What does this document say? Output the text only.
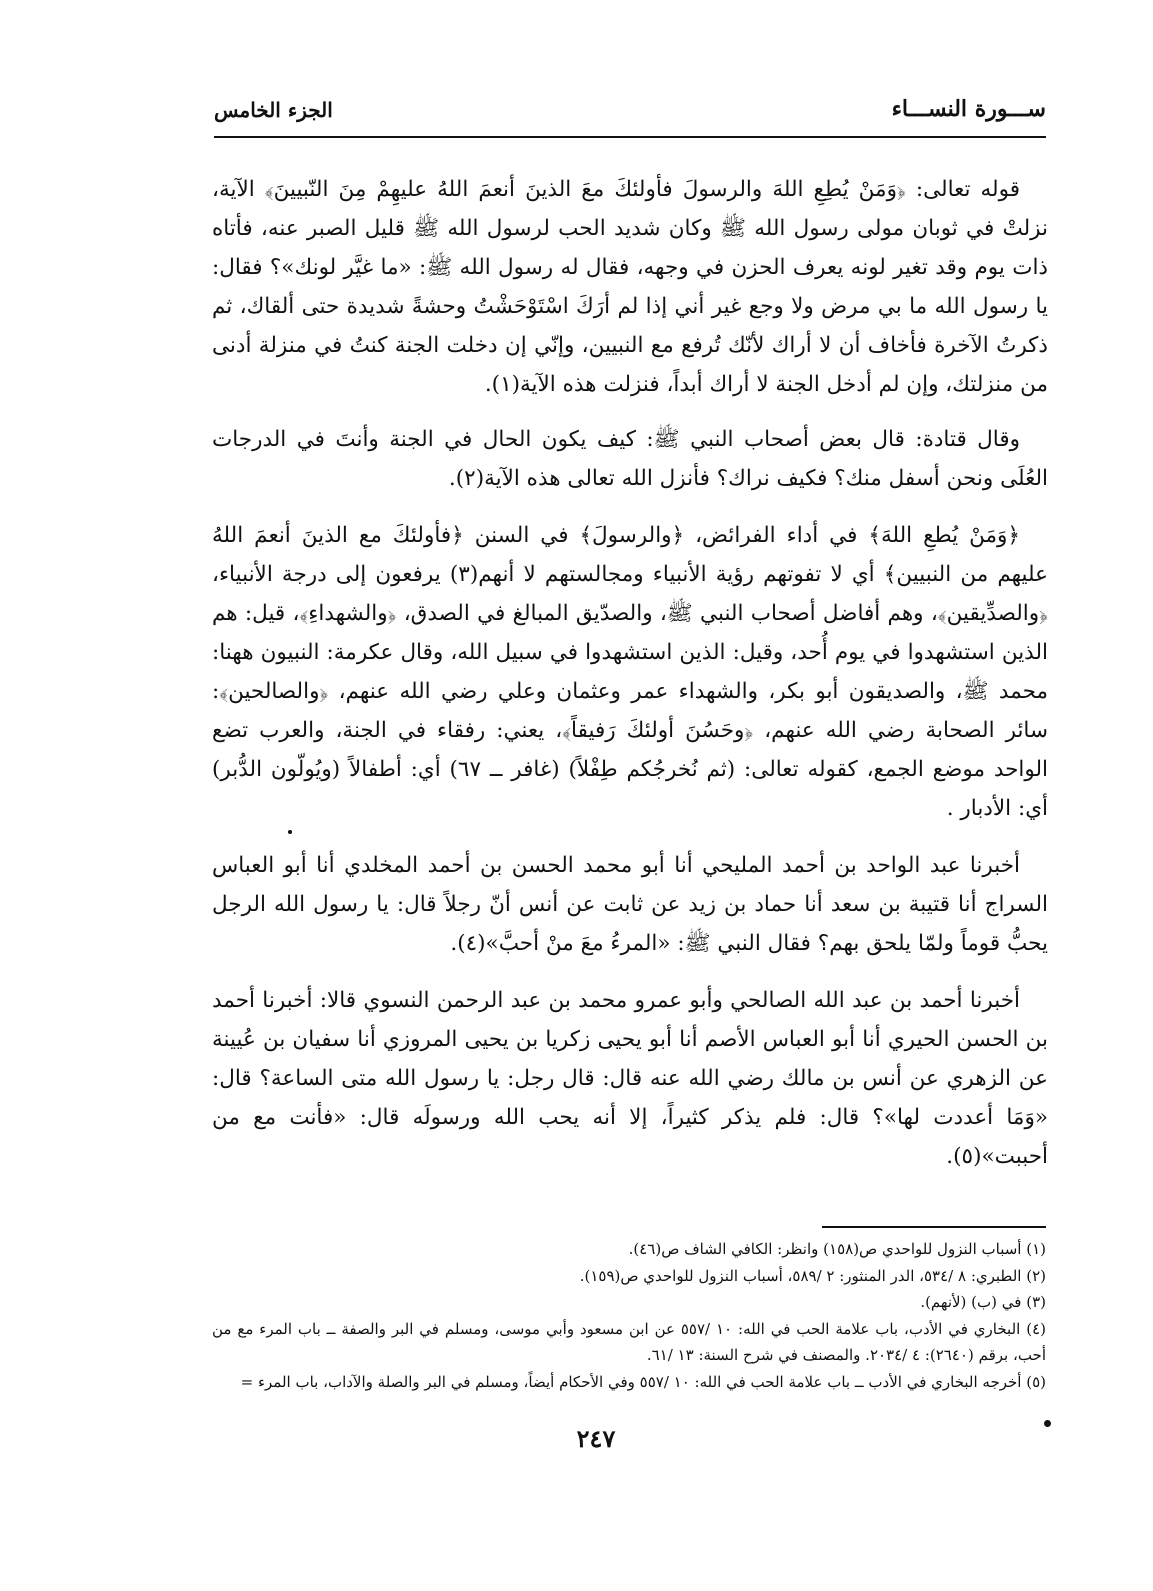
ســـورة النســـاء
الجزء الخامس

قوله تعالى: ﴿وَمَنْ يُطِعِ اللهَ والرسولَ فأولئكَ معَ الذينَ أنعمَ اللهُ عليهِمْ مِنَ النّبيينَ﴾ الآية، نزلتْ في ثوبان مولى رسول الله ﷺ وكان شديد الحب لرسول الله ﷺ قليل الصبر عنه، فأتاه ذات يوم وقد تغير لونه يعرف الحزن في وجهه، فقال له رسول الله ﷺ: «ما غيَّر لونك»؟ فقال: يا رسول الله ما بي مرض ولا وجع غير أني إذا لم أرَكَ اسْتَوْحَشْتُ وحشةً شديدة حتى ألقاك، ثم ذكرتُ الآخرة فأخاف أن لا أراك لأنّك تُرفع مع النبيين، وإنّي إن دخلت الجنة كنتُ في منزلة أدنى من منزلتك، وإن لم أدخل الجنة لا أراك أبداً، فنزلت هذه الآية(١).

وقال قتادة: قال بعض أصحاب النبي ﷺ: كيف يكون الحال في الجنة وأنتَ في الدرجات العُلَى ونحن أسفل منك؟ فكيف نراك؟ فأنزل الله تعالى هذه الآية(٢).

﴿وَمَنْ يُطعِ اللهَ﴾ في أداء الفرائض، ﴿والرسولَ﴾ في السنن ﴿فأولئكَ مع الذينَ أنعمَ اللهُ عليهم من النبيين﴾ أي لا تفوتهم رؤية الأنبياء ومجالستهم لا أنهم(٣) يرفعون إلى درجة الأنبياء، ﴿والصدِّيقين﴾، وهم أفاضل أصحاب النبي ﷺ، والصدّيق المبالغ في الصدق، ﴿والشهداءِ﴾، قيل: هم الذين استشهدوا في يوم أُحد، وقيل: الذين استشهدوا في سبيل الله، وقال عكرمة: النبيون ههنا: محمد ﷺ، والصديقون أبو بكر، والشهداء عمر وعثمان وعلي رضي الله عنهم، ﴿والصالحين﴾: سائر الصحابة رضي الله عنهم، ﴿وحَسُنَ أولئكَ رَفيقاً﴾، يعني: رفقاء في الجنة، والعرب تضع الواحد موضع الجمع، كقوله تعالى: (ثم نُخرجُكم طِفْلاً) (غافر ــ ٦٧) أي: أطفالاً (ويُولّون الدُّبر) أي: الأدبار .

أخبرنا عبد الواحد بن أحمد المليحي أنا أبو محمد الحسن بن أحمد المخلدي أنا أبو العباس السراج أنا قتيبة بن سعد أنا حماد بن زيد عن ثابت عن أنس أنّ رجلاً قال: يا رسول الله الرجل يحبُّ قوماً ولمّا يلحق بهم؟ فقال النبي ﷺ: «المرءُ معَ منْ أحبَّ»(٤).

أخبرنا أحمد بن عبد الله الصالحي وأبو عمرو محمد بن عبد الرحمن النسوي قالا: أخبرنا أحمد بن الحسن الحيري أنا أبو العباس الأصم أنا أبو يحيى زكريا بن يحيى المروزي أنا سفيان بن عُيينة عن الزهري عن أنس بن مالك رضي الله عنه قال: قال رجل: يا رسول الله متى الساعة؟ قال: «وَمَا أعددت لها»؟ قال: فلم يذكر كثيراً، إلا أنه يحب الله ورسولَه قال: «فأنت مع من أحببت»(٥).

(١) أسباب النزول للواحدي ص(١٥٨) وانظر: الكافي الشاف ص(٤٦).
(٢) الطبري: ٨ /٥٣٤، الدر المنثور: ٢ /٥٨٩، أسباب النزول للواحدي ص(١٥٩).
(٣) في (ب) (لأنهم).
(٤) البخاري في الأدب، باب علامة الحب في الله: ١٠ /٥٥٧ عن ابن مسعود وأبي موسى، ومسلم في البر والصفة ــ باب المرء مع من أحب، برقم (٢٦٤٠): ٤ /٢٠٣٤. والمصنف في شرح السنة: ١٣ /٦١.
(٥) أخرجه البخاري في الأدب ــ باب علامة الحب في الله: ١٠ /٥٥٧ وفي الأحكام أيضاً، ومسلم في البر والصلة والآداب، باب المرء =
٢٤٧
